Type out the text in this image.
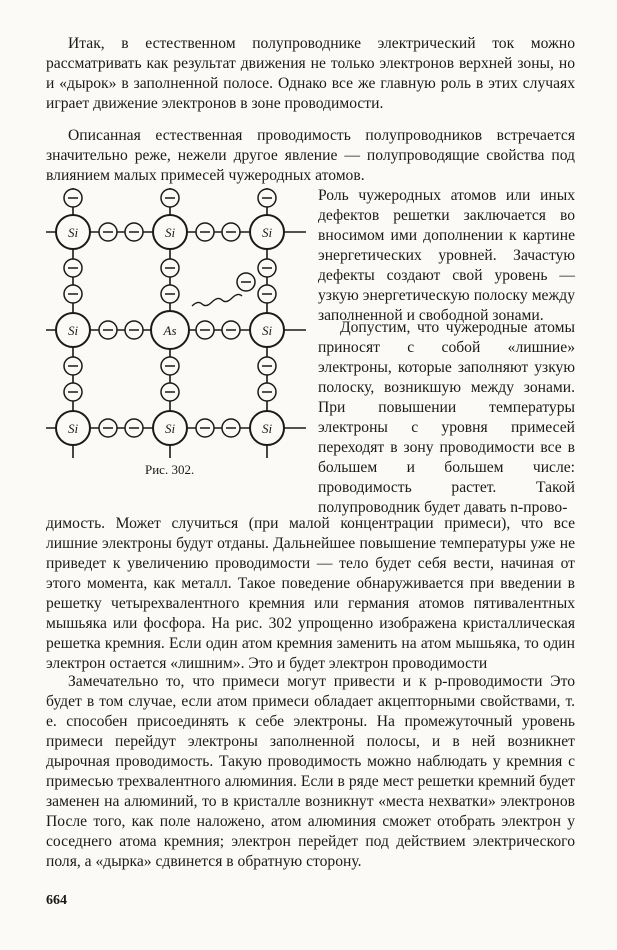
Итак, в естественном полупроводнике электрический ток можно рассматривать как результат движения не только электронов верхней зоны, но и «дырок» в заполненной полосе. Однако все же главную роль в этих случаях играет движение электронов в зоне проводимости.

Описанная естественная проводимость полупроводников встречается значительно реже, нежели другое явление — полупроводящие свойства под влиянием малых примесей чужеродных атомов.

Роль чужеродных атомов или иных дефектов решетки заключается во вносимом ими дополнении к картине энергетических уровней. Зачастую дефекты создают свой уровень — узкую энергетическую полоску между заполненной и свободной зонами.

Допустим, что чужеродные атомы приносят с собой «лишние» электроны, которые заполняют узкую полоску, возникшую между зонами. При повышении температуры электроны с уровня примесей переходят в зону проводимости все в большем и большем числе: проводимость растет. Такой полупроводник будет давать n-прово-

Si	Si	Si
Si	As	Si
Si	Si	Si
Рис. 302.

димость. Может случиться (при малой концентрации примеси), что все лишние электроны будут отданы. Дальнейшее повышение температуры уже не приведет к увеличению проводимости — тело будет себя вести, начиная от этого момента, как металл. Такое поведение обнаруживается при введении в решетку четырехвалентного кремния или германия атомов пятивалентных мышьяка или фосфора. На рис. 302 упрощенно изображена кристаллическая решетка кремния. Если один атом кремния заменить на атом мышьяка, то один электрон остается «лишним». Это и будет электрон проводимости

Замечательно то, что примеси могут привести и к p-проводимости Это будет в том случае, если атом примеси обладает акцепторными свойствами, т. е. способен присоединять к себе электроны. На промежуточный уровень примеси перейдут электроны заполненной полосы, и в ней возникнет дырочная проводимость. Такую проводимость можно наблюдать у кремния с примесью трехвалентного алюминия. Если в ряде мест решетки кремний будет заменен на алюминий, то в кристалле возникнут «места нехватки» электронов После того, как поле наложено, атом алюминия сможет отобрать электрон у соседнего атома кремния; электрон перейдет под действием электрического поля, а «дырка» сдвинется в обратную сторону.

664
